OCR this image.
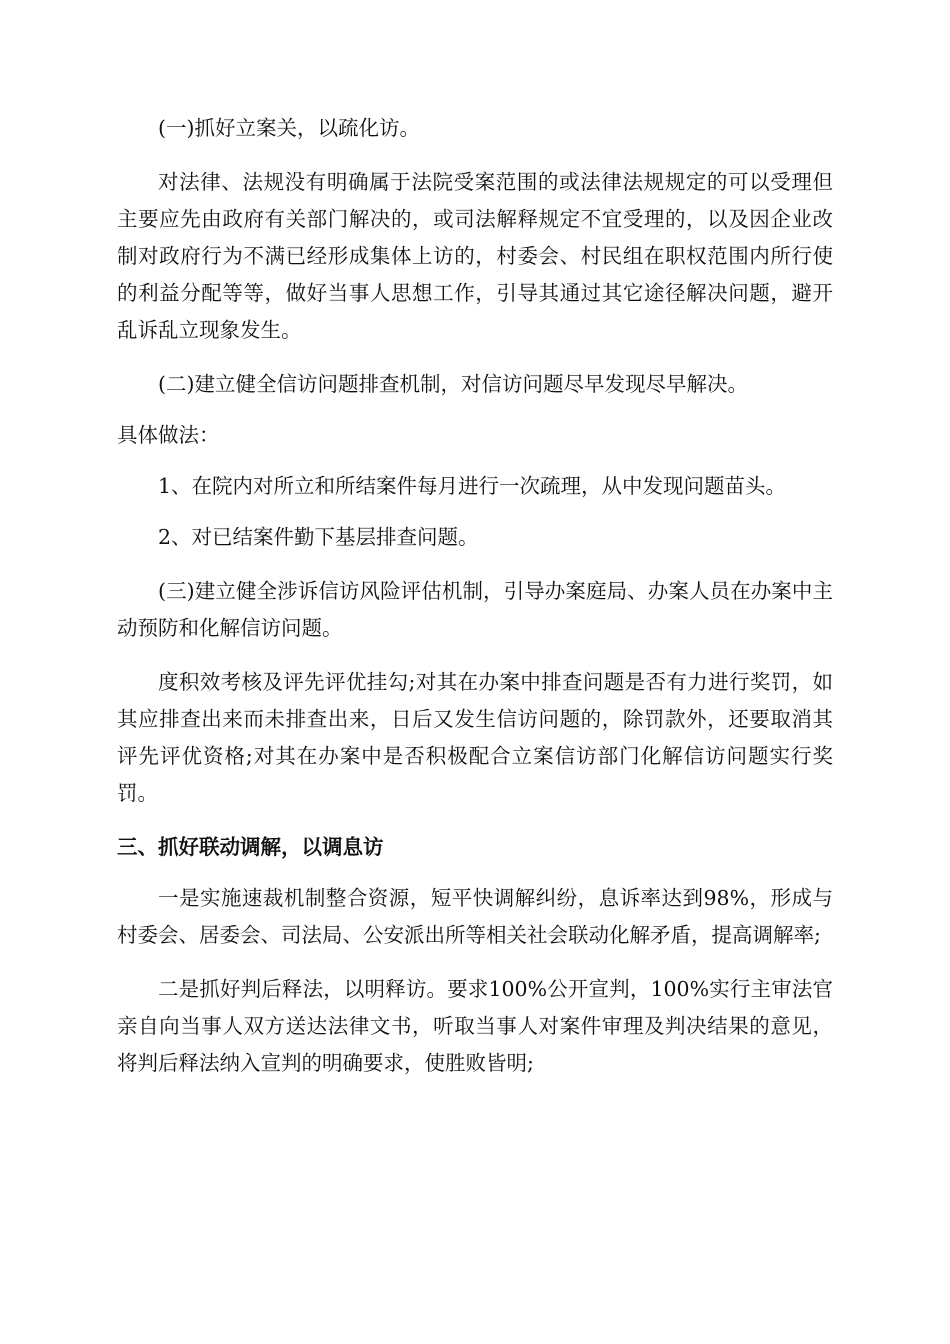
(一)抓好立案关，以疏化访。

对法律、法规没有明确属于法院受案范围的或法律法规规定的可以受理但主要应先由政府有关部门解决的，或司法解释规定不宜受理的，以及因企业改制对政府行为不满已经形成集体上访的，村委会、村民组在职权范围内所行使的利益分配等等，做好当事人思想工作，引导其通过其它途径解决问题，避开乱诉乱立现象发生。

(二)建立健全信访问题排查机制，对信访问题尽早发现尽早解决。

具体做法：

1、在院内对所立和所结案件每月进行一次疏理，从中发现问题苗头。

2、对已结案件勤下基层排查问题。

(三)建立健全涉诉信访风险评估机制，引导办案庭局、办案人员在办案中主动预防和化解信访问题。

度积效考核及评先评优挂勾;对其在办案中排查问题是否有力进行奖罚，如其应排查出来而未排查出来，日后又发生信访问题的，除罚款外，还要取消其评先评优资格;对其在办案中是否积极配合立案信访部门化解信访问题实行奖罚。

三、抓好联动调解，以调息访

一是实施速裁机制整合资源，短平快调解纠纷，息诉率达到98%，形成与村委会、居委会、司法局、公安派出所等相关社会联动化解矛盾，提高调解率;

二是抓好判后释法，以明释访。要求100%公开宣判，100%实行主审法官亲自向当事人双方送达法律文书，听取当事人对案件审理及判决结果的意见，将判后释法纳入宣判的明确要求，使胜败皆明;
